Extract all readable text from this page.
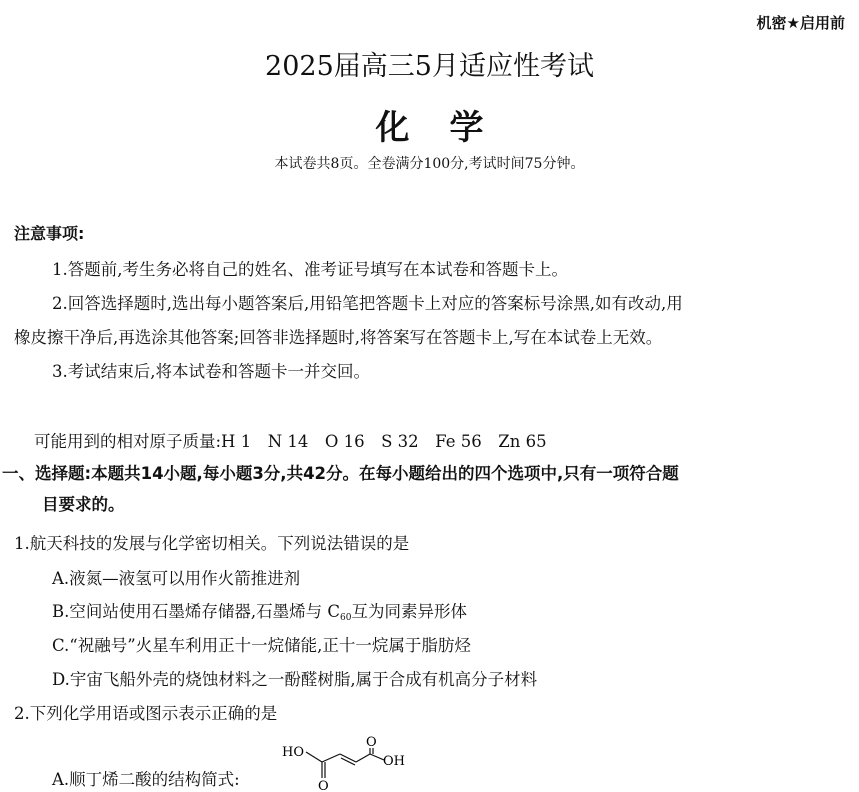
机密★启用前
2025届高三5月适应性考试
化学
本试卷共8页。全卷满分100分,考试时间75分钟。
注意事项:
1.答题前,考生务必将自己的姓名、准考证号填写在本试卷和答题卡上。
2.回答选择题时,选出每小题答案后,用铅笔把答题卡上对应的答案标号涂黑,如有改动,用
橡皮擦干净后,再选涂其他答案;回答非选择题时,将答案写在答题卡上,写在本试卷上无效。
3.考试结束后,将本试卷和答题卡一并交回。
可能用到的相对原子质量:H 1　N 14　O 16　S 32　Fe 56　Zn 65
一、选择题:本题共14小题,每小题3分,共42分。在每小题给出的四个选项中,只有一项符合题
目要求的。
1.航天科技的发展与化学密切相关。下列说法错误的是
A.液氮—液氢可以用作火箭推进剂
B.空间站使用石墨烯存储器,石墨烯与 $C_{60}$互为同素异形体
C.“祝融号”火星车利用正十一烷储能,正十一烷属于脂肪烃
D.宇宙飞船外壳的烧蚀材料之一酚醛树脂,属于合成有机高分子材料
2.下列化学用语或图示表示正确的是
A.顺丁烯二酸的结构简式:
HO
OH
O
O
